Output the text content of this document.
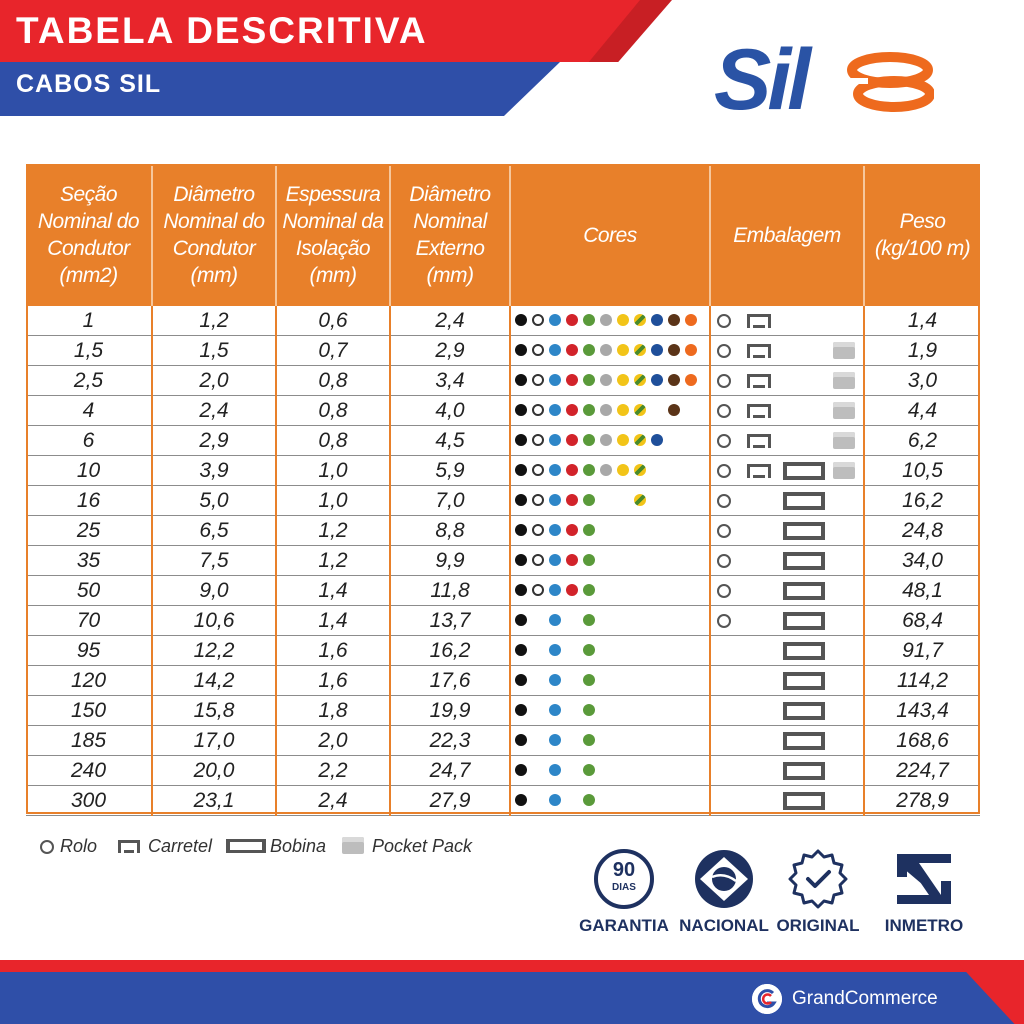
TABELA DESCRITIVA
CABOS SIL	Sil
Seção Nominal do Condutor (mm2)	Diâmetro Nominal do Condutor (mm)	Espessura Nominal da Isolação (mm)	Diâmetro Nominal Externo (mm)	Cores	Embalagem	Peso (kg/100 m)
1	1,2	0,6	2,4			1,4
1,5	1,5	0,7	2,9			1,9
2,5	2,0	0,8	3,4			3,0
4	2,4	0,8	4,0			4,4
6	2,9	0,8	4,5			6,2
10	3,9	1,0	5,9			10,5
16	5,0	1,0	7,0			16,2
25	6,5	1,2	8,8			24,8
35	7,5	1,2	9,9			34,0
50	9,0	1,4	11,8			48,1
70	10,6	1,4	13,7			68,4
95	12,2	1,6	16,2			91,7
120	14,2	1,6	17,6			114,2
150	15,8	1,8	19,9			143,4
185	17,0	2,0	22,3			168,6
240	20,0	2,2	24,7			224,7
300	23,1	2,4	27,9			278,9
Rolo	Carretel	Bobina	Pocket Pack
90
DIAS
GARANTIA NACIONAL ORIGINAL	INMETRO
GrandCommerce
